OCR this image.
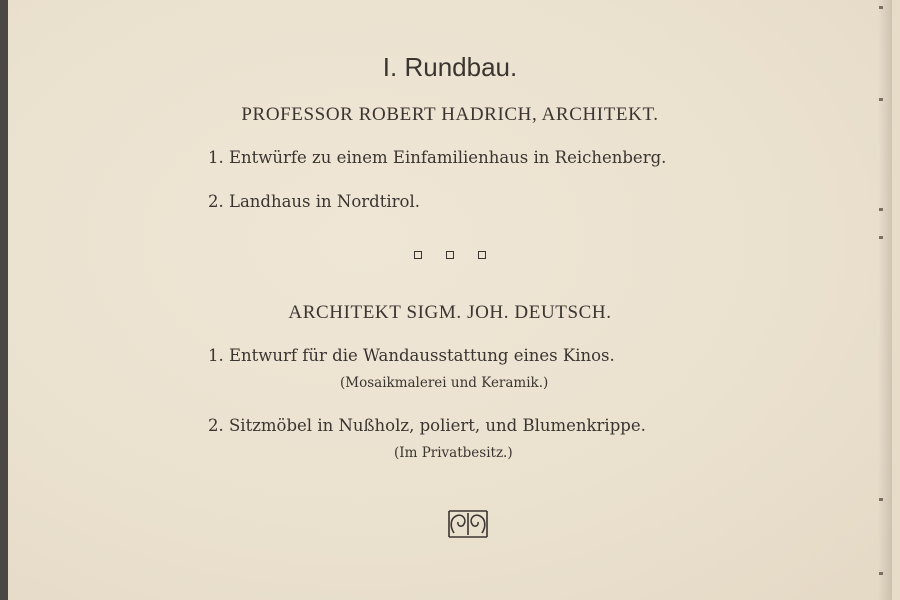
I. Rundbau.
PROFESSOR ROBERT HADRICH, ARCHITEKT.
1. Entwürfe zu einem Einfamilienhaus in Reichenberg.
2. Landhaus in Nordtirol.
ARCHITEKT SIGM. JOH. DEUTSCH.
1. Entwurf für die Wandausstattung eines Kinos.
(Mosaikmalerei und Keramik.)
2. Sitzmöbel in Nußholz, poliert, und Blumenkrippe.
(Im Privatbesitz.)
